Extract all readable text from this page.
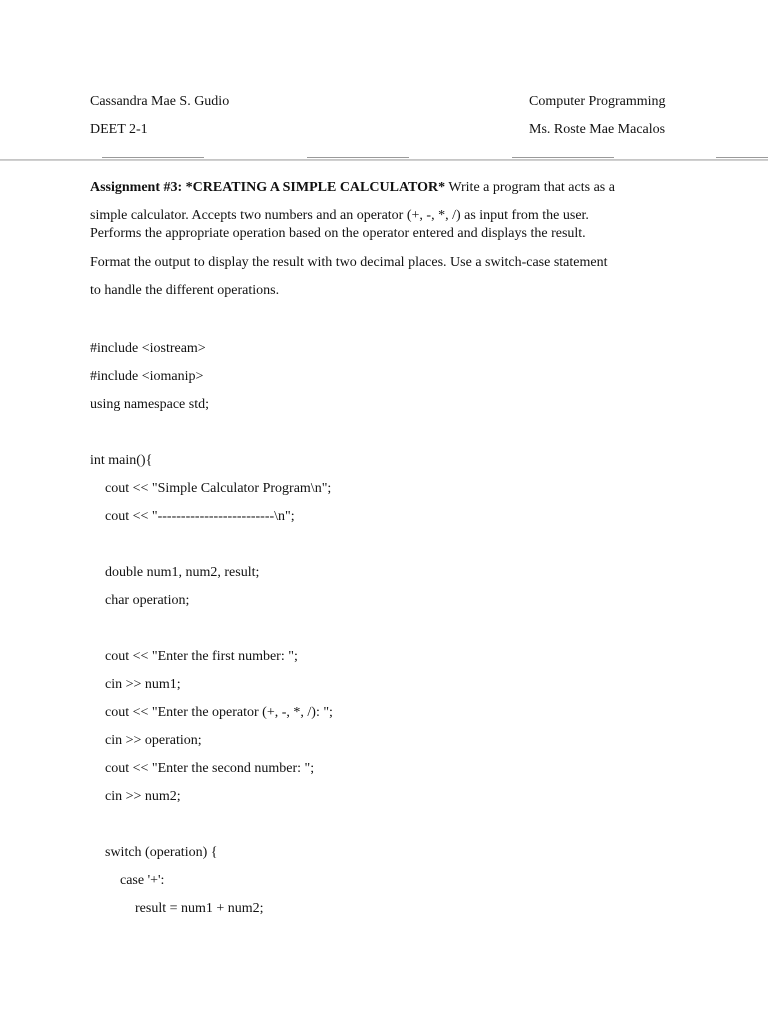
Cassandra Mae S. Gudio	Computer Programming
DEET 2-1	Ms. Roste Mae Macalos
Assignment #3: *CREATING A SIMPLE CALCULATOR* Write a program that acts as a
simple calculator. Accepts two numbers and an operator (+, -, *, /) as input from the user.
Performs the appropriate operation based on the operator entered and displays the result.
Format the output to display the result with two decimal places. Use a switch-case statement
to handle the different operations.
#include <iostream>
#include <iomanip>
using namespace std;
int main(){
cout << "Simple Calculator Program\n";
cout << "-------------------------\n";
double num1, num2, result;
char operation;
cout << "Enter the first number: ";
cin >> num1;
cout << "Enter the operator (+, -, *, /): ";
cin >> operation;
cout << "Enter the second number: ";
cin >> num2;
switch (operation) {
case '+':
result = num1 + num2;
